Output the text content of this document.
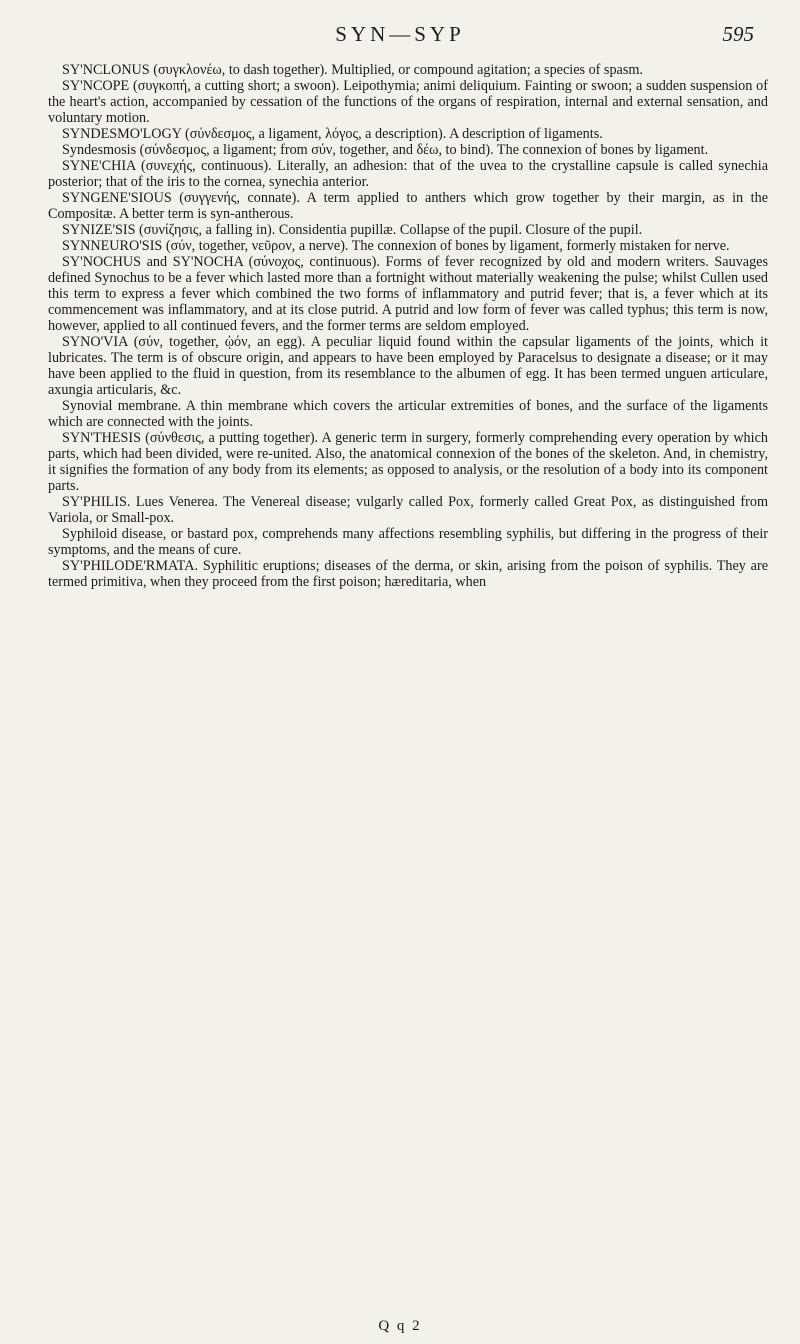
SYN—SYP	595

SY'NCLONUS (συγκλονέω, to dash together). Multiplied, or compound agitation; a species of spasm.

SY'NCOPE (συγκοπή, a cutting short; a swoon). Leipothymia; animi deliquium. Fainting or swoon; a sudden suspension of the heart's action, accompanied by cessation of the functions of the organs of respiration, internal and external sensation, and voluntary motion.

SYNDESMO'LOGY (σύνδεσμος, a ligament, λόγος, a description). A description of ligaments.

Syndesmosis (σύνδεσμος, a ligament; from σύν, together, and δέω, to bind). The connexion of bones by ligament.

SYNE'CHIA (συνεχής, continuous). Literally, an adhesion: that of the uvea to the crystalline capsule is called synechia posterior; that of the iris to the cornea, synechia anterior.

SYNGENE'SIOUS (συγγενής, connate). A term applied to anthers which grow together by their margin, as in the Compositæ. A better term is syn-antherous.

SYNIZE'SIS (συνίζησις, a falling in). Considentia pupillæ. Collapse of the pupil. Closure of the pupil.

SYNNEURO'SIS (σύν, together, νεῦρον, a nerve). The connexion of bones by ligament, formerly mistaken for nerve.

SY'NOCHUS and SY'NOCHA (σύνοχος, continuous). Forms of fever recognized by old and modern writers. Sauvages defined Synochus to be a fever which lasted more than a fortnight without materially weakening the pulse; whilst Cullen used this term to express a fever which combined the two forms of inflammatory and putrid fever; that is, a fever which at its commencement was inflammatory, and at its close putrid. A putrid and low form of fever was called typhus; this term is now, however, applied to all continued fevers, and the former terms are seldom employed.

SYNO'VIA (σύν, together, ᾠόν, an egg). A peculiar liquid found within the capsular ligaments of the joints, which it lubricates. The term is of obscure origin, and appears to have been employed by Paracelsus to designate a disease; or it may have been applied to the fluid in question, from its resemblance to the albumen of egg. It has been termed unguen articulare, axungia articularis, &c.

Synovial membrane. A thin membrane which covers the articular extremities of bones, and the surface of the ligaments which are connected with the joints.

SYN'THESIS (σύνθεσις, a putting together). A generic term in surgery, formerly comprehending every operation by which parts, which had been divided, were re-united. Also, the anatomical connexion of the bones of the skeleton. And, in chemistry, it signifies the formation of any body from its elements; as opposed to analysis, or the resolution of a body into its component parts.

SY'PHILIS. Lues Venerea. The Venereal disease; vulgarly called Pox, formerly called Great Pox, as distinguished from Variola, or Small-pox.

Syphiloid disease, or bastard pox, comprehends many affections resembling syphilis, but differing in the progress of their symptoms, and the means of cure.

SY'PHILODE'RMATA. Syphilitic eruptions; diseases of the derma, or skin, arising from the poison of syphilis. They are termed primitiva, when they proceed from the first poison; hæreditaria, when

Q q 2
